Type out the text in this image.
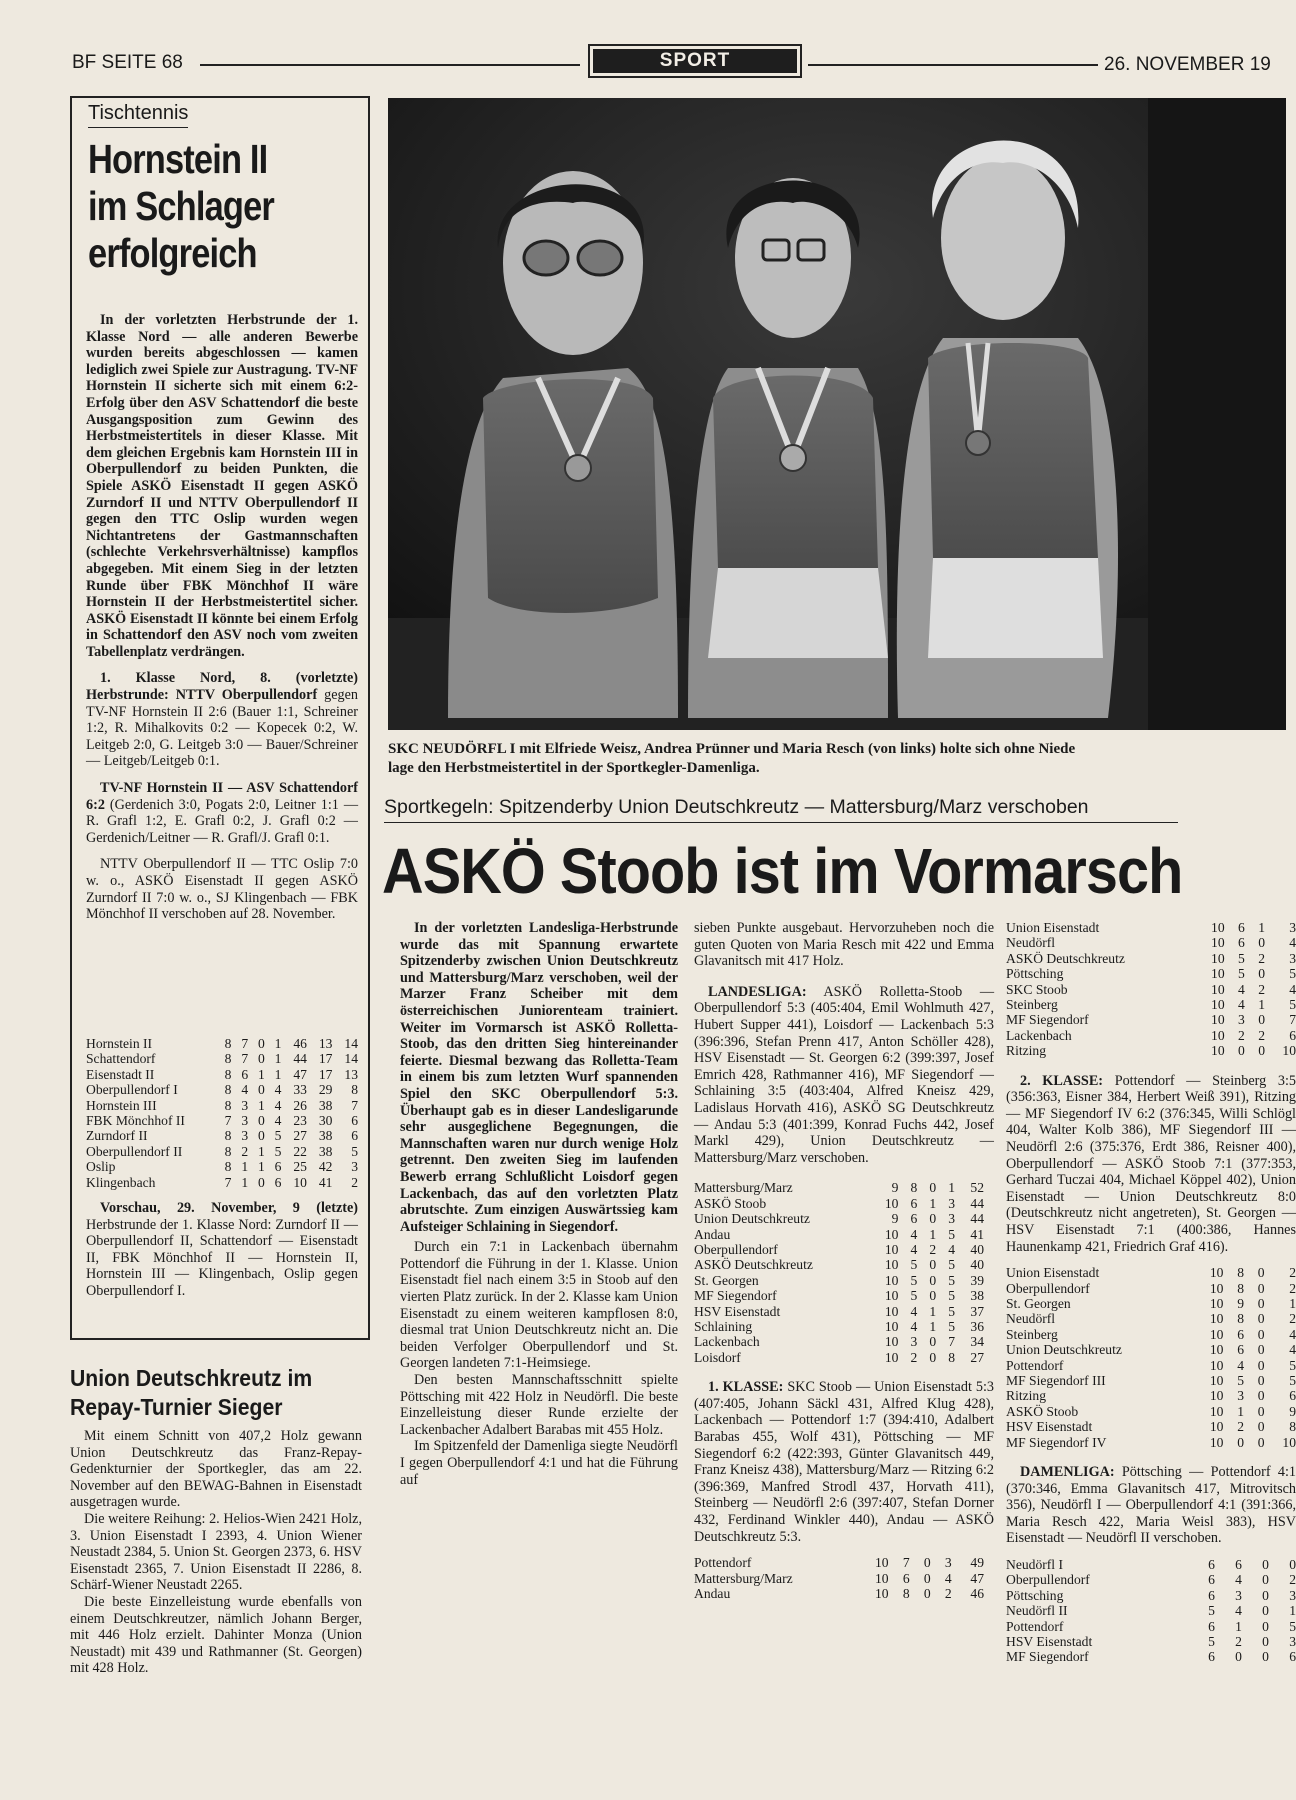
BF SEITE 68	SPORT	26. NOVEMBER 19
Tischtennis
Hornstein II
im Schlager
erfolgreich

In der vorletzten Herbstrunde der 1. Klasse Nord — alle anderen Bewerbe wurden bereits abgeschlossen — kamen lediglich zwei Spiele zur Austragung. TV-NF Hornstein II sicherte sich mit einem 6:2-Erfolg über den ASV Schattendorf die beste Ausgangsposition zum Gewinn des Herbstmeistertitels in dieser Klasse. Mit dem gleichen Ergebnis kam Hornstein III in Oberpullendorf zu beiden Punkten, die Spiele ASKÖ Eisenstadt II gegen ASKÖ Zurndorf II und NTTV Oberpullendorf II gegen den TTC Oslip wurden wegen Nichtantretens der Gastmannschaften (schlechte Verkehrsverhältnisse) kampflos abgegeben. Mit einem Sieg in der letzten Runde über FBK Mönchhof II wäre Hornstein II der Herbstmeistertitel sicher. ASKÖ Eisenstadt II könnte bei einem Erfolg in Schattendorf den ASV noch vom zweiten Tabellenplatz verdrängen.

1. Klasse Nord, 8. (vorletzte) Herbstrunde: NTTV Oberpullendorf gegen TV-NF Hornstein II 2:6 (Bauer 1:1, Schreiner 1:2, R. Mihalkovits 0:2 — Kopecek 0:2, W. Leitgeb 2:0, G. Leitgeb 3:0 — Bauer/Schreiner — Leitgeb/Leitgeb 0:1.

TV-NF Hornstein II — ASV Schattendorf 6:2 (Gerdenich 3:0, Pogats 2:0, Leitner 1:1 — R. Grafl 1:2, E. Grafl 0:2, J. Grafl 0:2 — Gerdenich/Leitner — R. Grafl/J. Grafl 0:1.

NTTV Oberpullendorf II — TTC Oslip 7:0 w. o., ASKÖ Eisenstadt II gegen ASKÖ Zurndorf II 7:0 w. o., SJ Klingenbach — FBK Mönchhof II verschoben auf 28. November.

Hornstein II	8	7	0	1	46	13	14
Schattendorf	8	7	0	1	44	17	14
Eisenstadt II	8	6	1	1	47	17	13
Oberpullendorf I	8	4	0	4	33	29	8
Hornstein III	8	3	1	4	26	38	7
FBK Mönchhof II	7	3	0	4	23	30	6
Zurndorf II	8	3	0	5	27	38	6
Oberpullendorf II	8	2	1	5	22	38	5
Oslip	8	1	1	6	25	42	3
Klingenbach	7	1	0	6	10	41	2

Vorschau, 29. November, 9 (letzte) Herbstrunde der 1. Klasse Nord: Zurndorf II — Oberpullendorf II, Schattendorf — Eisenstadt II, FBK Mönchhof II — Hornstein II, Hornstein III — Klingenbach, Oslip gegen Oberpullendorf I.

Union Deutschkreutz im
Repay-Turnier Sieger

Mit einem Schnitt von 407,2 Holz gewann Union Deutschkreutz das Franz-Repay-Gedenkturnier der Sportkegler, das am 22. November auf den BEWAG-Bahnen in Eisenstadt ausgetragen wurde.

Die weitere Reihung: 2. Helios-Wien 2421 Holz, 3. Union Eisenstadt I 2393, 4. Union Wiener Neustadt 2384, 5. Union St. Georgen 2373, 6. HSV Eisenstadt 2365, 7. Union Eisenstadt II 2286, 8. Schärf-Wiener Neustadt 2265.

Die beste Einzelleistung wurde ebenfalls von einem Deutschkreutzer, nämlich Johann Berger, mit 446 Holz erzielt. Dahinter Monza (Union Neustadt) mit 439 und Rathmanner (St. Georgen) mit 428 Holz.

SKC NEUDÖRFL I mit Elfriede Weisz, Andrea Prünner und Maria Resch (von links) holte sich ohne Niede
lage den Herbstmeistertitel in der Sportkegler-Damenliga.
Sportkegeln: Spitzenderby Union Deutschkreutz — Mattersburg/Marz verschoben
ASKÖ Stoob ist im Vormarsch

In der vorletzten Landesliga-Herbstrunde wurde das mit Spannung erwartete Spitzenderby zwischen Union Deutschkreutz und Mattersburg/Marz verschoben, weil der Marzer Franz Scheiber mit dem österreichischen Juniorenteam trainiert. Weiter im Vormarsch ist ASKÖ Rolletta-Stoob, das den dritten Sieg hintereinander feierte. Diesmal bezwang das Rolletta-Team in einem bis zum letzten Wurf spannenden Spiel den SKC Oberpullendorf 5:3. Überhaupt gab es in dieser Landesligarunde sehr ausgeglichene Begegnungen, die Mannschaften waren nur durch wenige Holz getrennt. Den zweiten Sieg im laufenden Bewerb errang Schlußlicht Loisdorf gegen Lackenbach, das auf den vorletzten Platz abrutschte. Zum einzigen Auswärtssieg kam Aufsteiger Schlaining in Siegendorf.

Durch ein 7:1 in Lackenbach übernahm Pottendorf die Führung in der 1. Klasse. Union Eisenstadt fiel nach einem 3:5 in Stoob auf den vierten Platz zurück. In der 2. Klasse kam Union Eisenstadt zu einem weiteren kampflosen 8:0, diesmal trat Union Deutschkreutz nicht an. Die beiden Verfolger Oberpullendorf und St. Georgen landeten 7:1-Heimsiege.

Den besten Mannschaftsschnitt spielte Pöttsching mit 422 Holz in Neudörfl. Die beste Einzelleistung dieser Runde erzielte der Lackenbacher Adalbert Barabas mit 455 Holz.

Im Spitzenfeld der Damenliga siegte Neudörfl I gegen Oberpullendorf 4:1 und hat die Führung auf

sieben Punkte ausgebaut. Hervorzuheben noch die guten Quoten von Maria Resch mit 422 und Emma Glavanitsch mit 417 Holz.

LANDESLIGA: ASKÖ Rolletta-Stoob — Oberpullendorf 5:3 (405:404, Emil Wohlmuth 427, Hubert Supper 441), Loisdorf — Lackenbach 5:3 (396:396, Stefan Prenn 417, Anton Schöller 428), HSV Eisenstadt — St. Georgen 6:2 (399:397, Josef Emrich 428, Rathmanner 416), MF Siegendorf — Schlaining 3:5 (403:404, Alfred Kneisz 429, Ladislaus Horvath 416), ASKÖ SG Deutschkreutz — Andau 5:3 (401:399, Konrad Fuchs 442, Josef Markl 429), Union Deutschkreutz — Mattersburg/Marz verschoben.

Mattersburg/Marz	9	8	0	1	52
ASKÖ Stoob	10	6	1	3	44
Union Deutschkreutz	9	6	0	3	44
Andau	10	4	1	5	41
Oberpullendorf	10	4	2	4	40
ASKÖ Deutschkreutz	10	5	0	5	40
St. Georgen	10	5	0	5	39
MF Siegendorf	10	5	0	5	38
HSV Eisenstadt	10	4	1	5	37
Schlaining	10	4	1	5	36
Lackenbach	10	3	0	7	34
Loisdorf	10	2	0	8	27

1. KLASSE: SKC Stoob — Union Eisenstadt 5:3 (407:405, Johann Säckl 431, Alfred Klug 428), Lackenbach — Pottendorf 1:7 (394:410, Adalbert Barabas 455, Wolf 431), Pöttsching — MF Siegendorf 6:2 (422:393, Günter Glavanitsch 449, Franz Kneisz 438), Mattersburg/Marz — Ritzing 6:2 (396:369, Manfred Strodl 437, Horvath 411), Steinberg — Neudörfl 2:6 (397:407, Stefan Dorner 432, Ferdinand Winkler 440), Andau — ASKÖ Deutschkreutz 5:3.

Pottendorf	10	7	0	3	49
Mattersburg/Marz	10	6	0	4	47
Andau	10	8	0	2	46
Union Eisenstadt	10	6	1	3
Neudörfl	10	6	0	4
ASKÖ Deutschkreutz	10	5	2	3
Pöttsching	10	5	0	5
SKC Stoob	10	4	2	4
Steinberg	10	4	1	5
MF Siegendorf	10	3	0	7
Lackenbach	10	2	2	6
Ritzing	10	0	0	10

2. KLASSE: Pottendorf — Steinberg 3:5 (356:363, Eisner 384, Herbert Weiß 391), Ritzing — MF Siegendorf IV 6:2 (376:345, Willi Schlögl 404, Walter Kolb 386), MF Siegendorf III — Neudörfl 2:6 (375:376, Erdt 386, Reisner 400), Oberpullendorf — ASKÖ Stoob 7:1 (377:353, Gerhard Tuczai 404, Michael Köppel 402), Union Eisenstadt — Union Deutschkreutz 8:0 (Deutschkreutz nicht angetreten), St. Georgen — HSV Eisenstadt 7:1 (400:386, Hannes Haunenkamp 421, Friedrich Graf 416).

Union Eisenstadt	10	8	0	2
Oberpullendorf	10	8	0	2
St. Georgen	10	9	0	1
Neudörfl	10	8	0	2
Steinberg	10	6	0	4
Union Deutschkreutz	10	6	0	4
Pottendorf	10	4	0	5
MF Siegendorf III	10	5	0	5
Ritzing	10	3	0	6
ASKÖ Stoob	10	1	0	9
HSV Eisenstadt	10	2	0	8
MF Siegendorf IV	10	0	0	10

DAMENLIGA: Pöttsching — Pottendorf 4:1 (370:346, Emma Glavanitsch 417, Mitrovitsch 356), Neudörfl I — Oberpullendorf 4:1 (391:366, Maria Resch 422, Maria Weisl 383), HSV Eisenstadt — Neudörfl II verschoben.

Neudörfl I	6	6	0	0
Oberpullendorf	6	4	0	2
Pöttsching	6	3	0	3
Neudörfl II	5	4	0	1
Pottendorf	6	1	0	5
HSV Eisenstadt	5	2	0	3
MF Siegendorf	6	0	0	6
